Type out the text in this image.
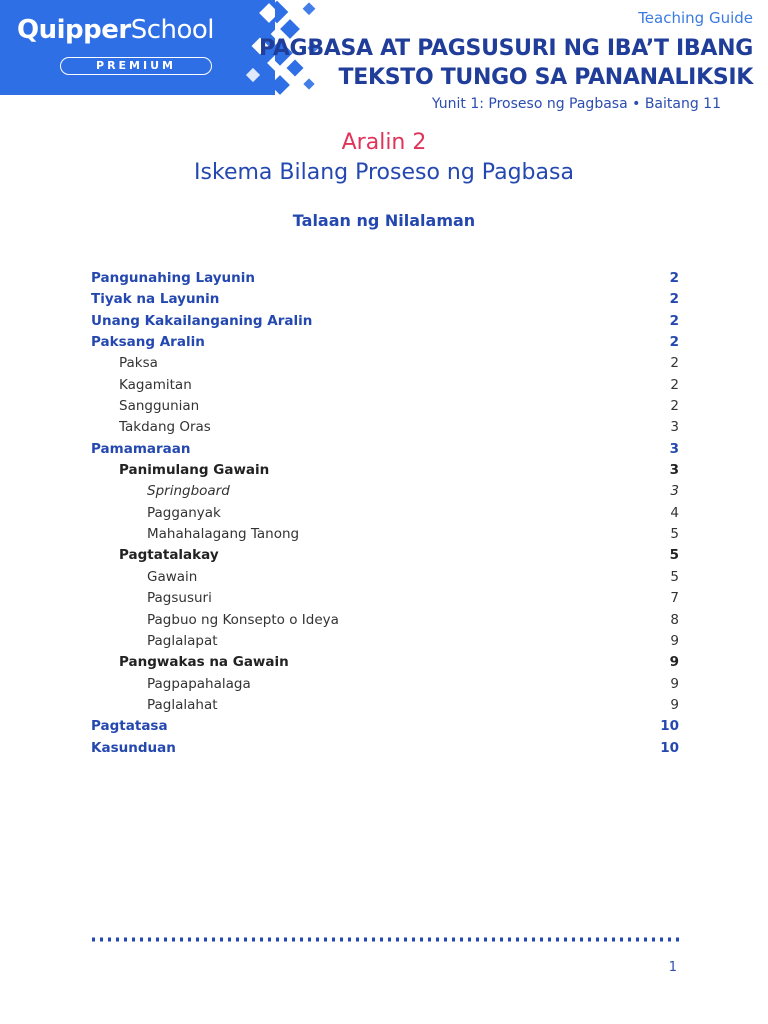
QuipperSchool
PREMIUM
Teaching Guide
PAGBASA AT PAGSUSURI NG IBA’T IBANG
TEKSTO TUNGO SA PANANALIKSIK
Yunit 1: Proseso ng Pagbasa • Baitang 11
Aralin 2
Iskema Bilang Proseso ng Pagbasa
Talaan ng Nilalaman
Pangunahing Layunin	2
Tiyak na Layunin	2
Unang Kakailanganing Aralin	2
Paksang Aralin	2
Paksa	2
Kagamitan	2
Sanggunian	2
Takdang Oras	3
Pamamaraan	3
Panimulang Gawain	3
Springboard	3
Pagganyak	4
Mahahalagang Tanong	5
Pagtatalakay	5
Gawain	5
Pagsusuri	7
Pagbuo ng Konsepto o Ideya	8
Paglalapat	9
Pangwakas na Gawain	9
Pagpapahalaga	9
Paglalahat	9
Pagtatasa	10
Kasunduan	10
1
